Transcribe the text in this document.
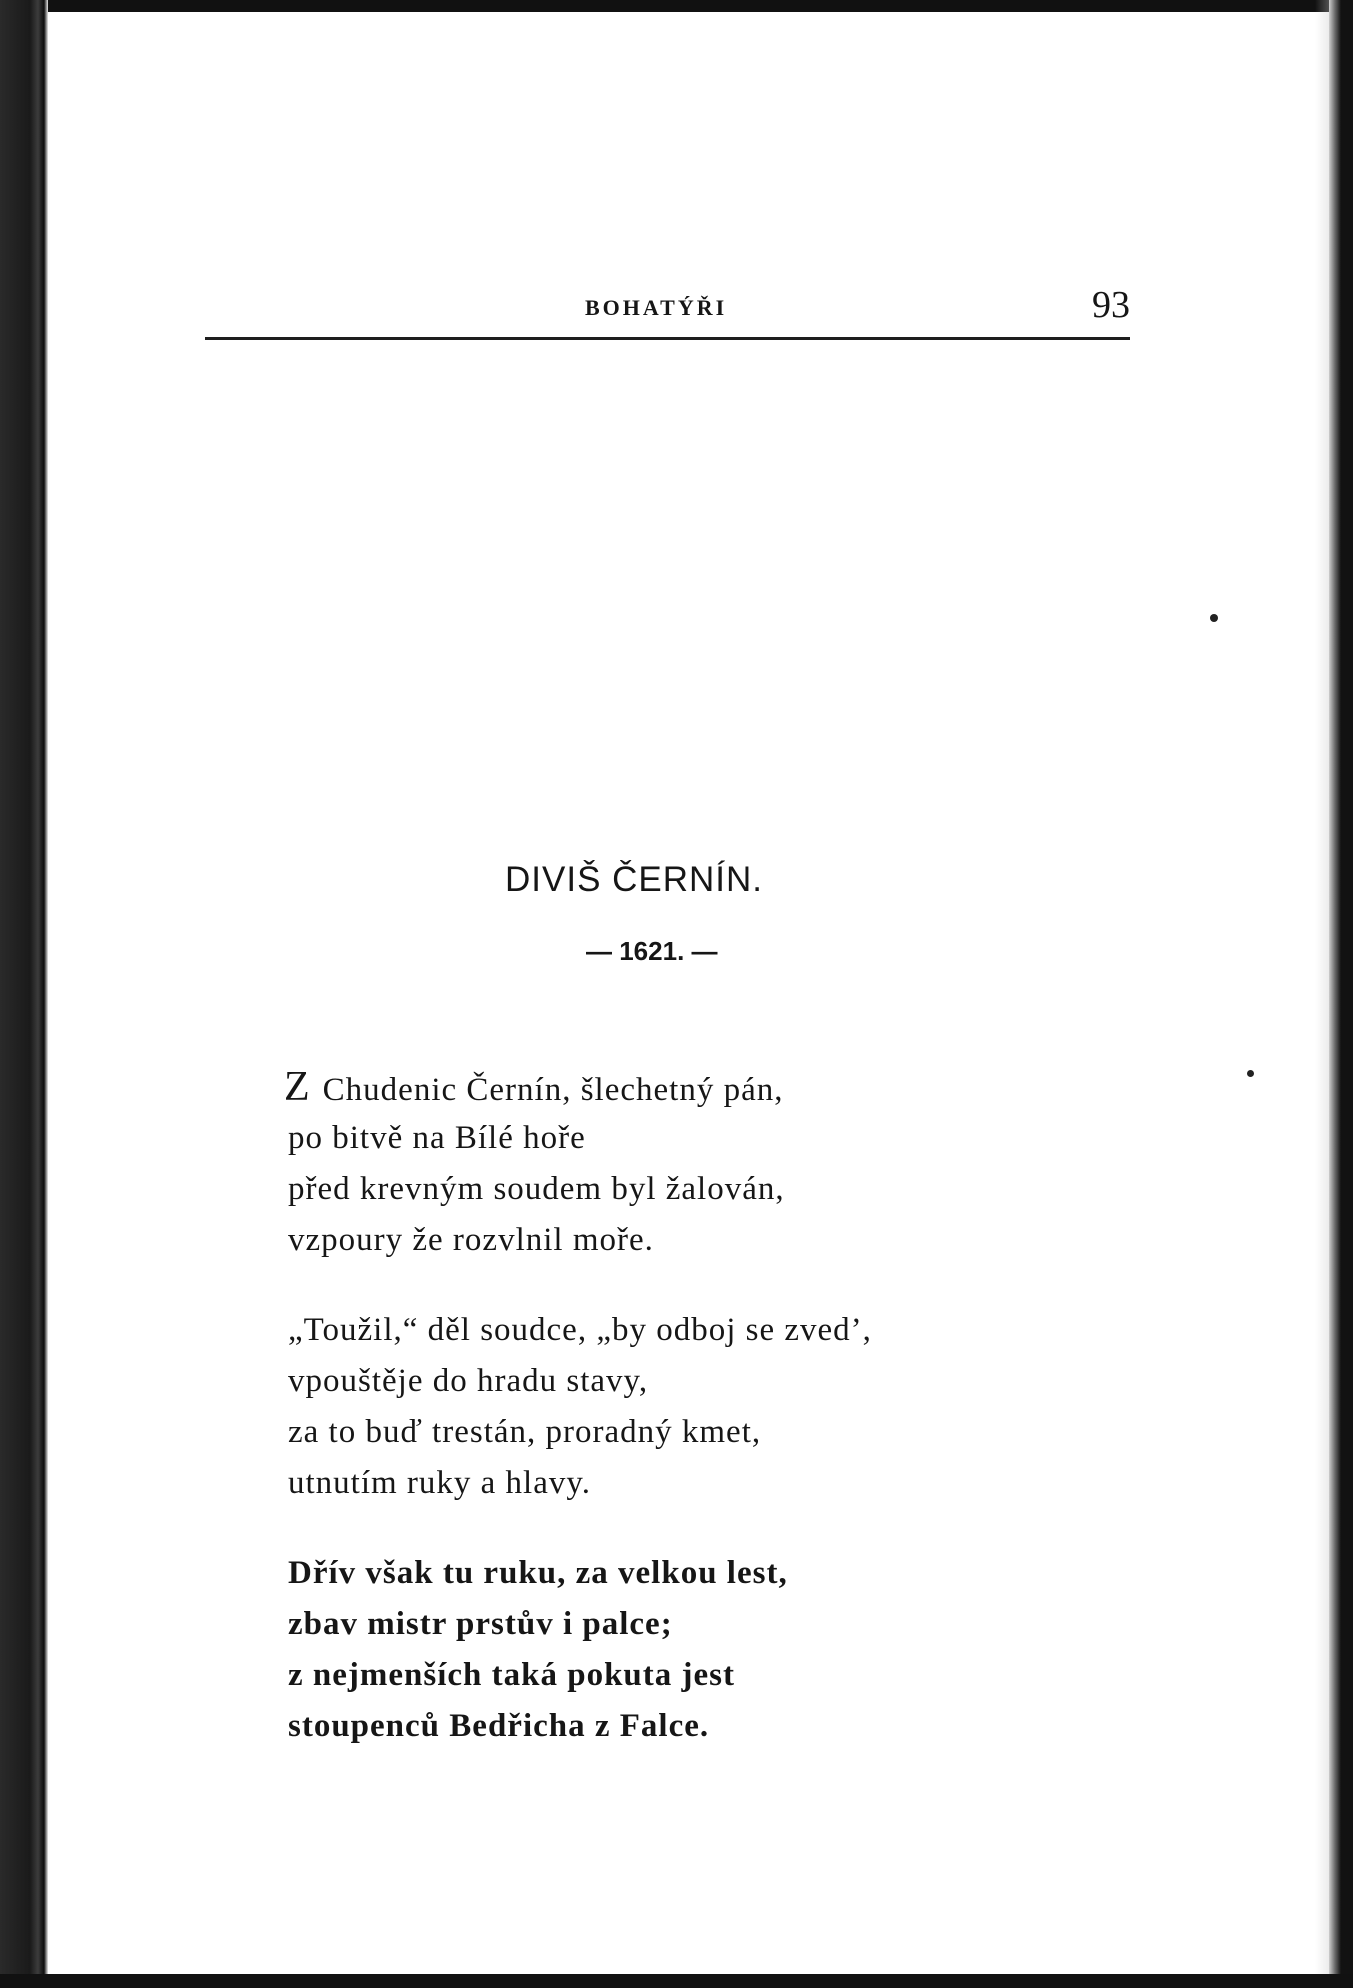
BOHATÝŘI	93
DIVIŠ ČERNÍN.
— 1621. —
Z Chudenic Černín, šlechetný pán,
po bitvě na Bílé hoře
před krevným soudem byl žalován,
vzpoury že rozvlnil moře.
„Toužil,“ děl soudce, „by odboj se zved’,
vpouštěje do hradu stavy,
za to buď trestán, proradný kmet,
utnutím ruky a hlavy.
Dřív však tu ruku, za velkou lest,
zbav mistr prstův i palce;
z nejmenších taká pokuta jest
stoupenců Bedřicha z Falce.
